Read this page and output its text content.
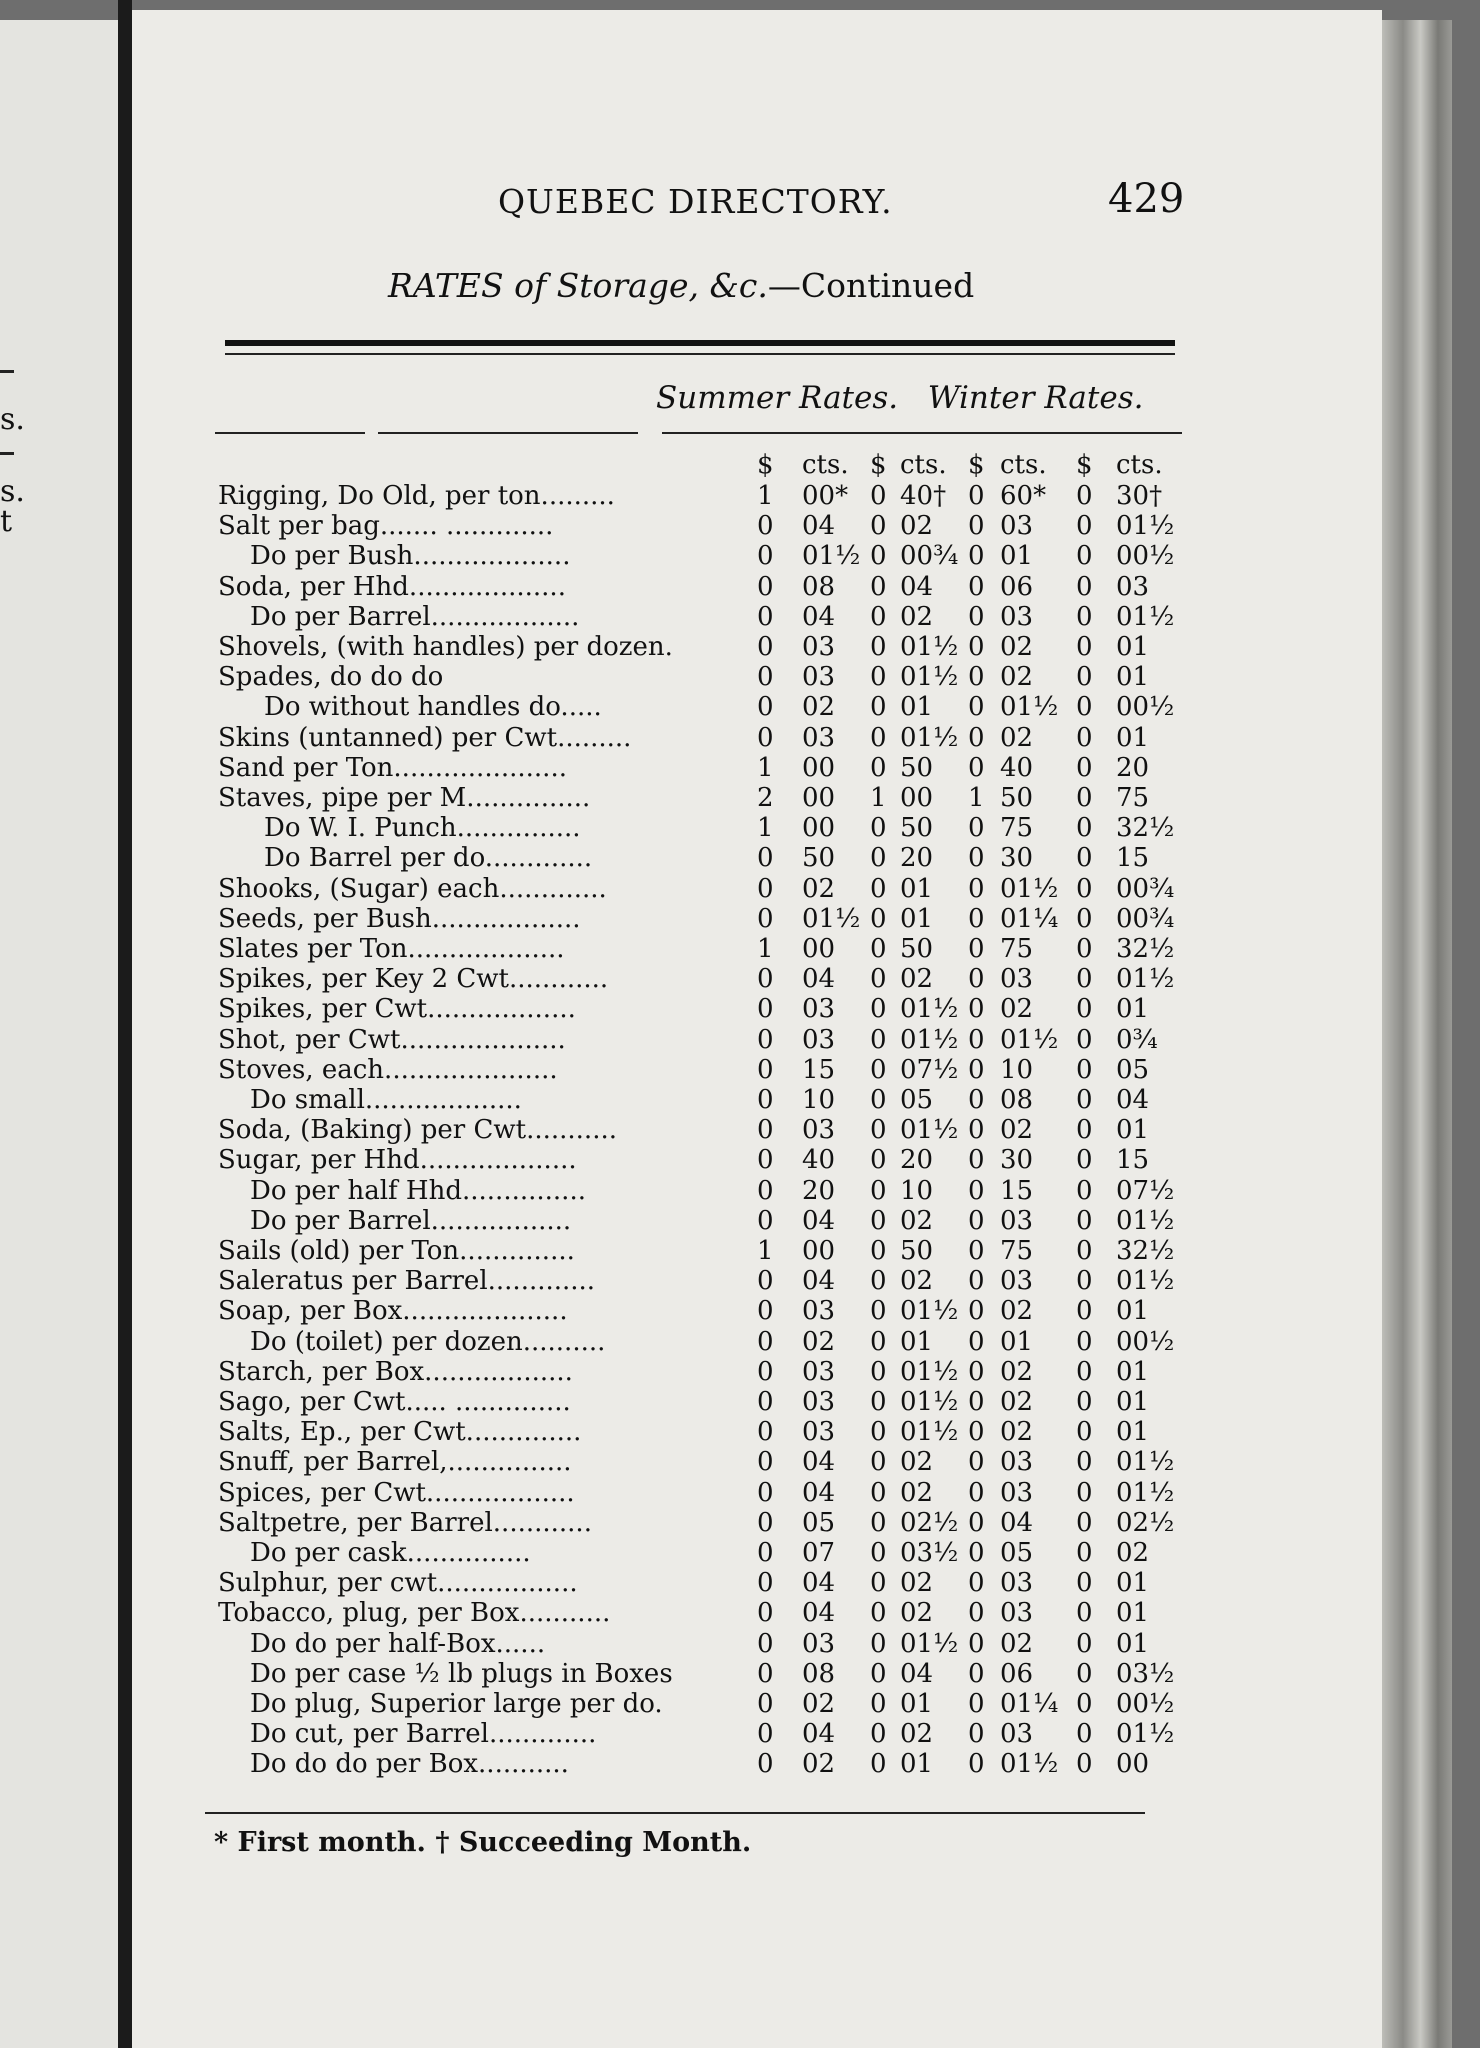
s.
s.
t
QUEBEC DIRECTORY.	429
RATES of Storage, &c.—Continued
Summer Rates. Winter Rates.
$ cts. $ cts. $ cts. $ cts.
Rigging, Do Old, per ton.........	1 00* 0 40† 0 60* 0 30†
Salt per bag....... .............	0 04 0 02 0 03 0 01½
Do per Bush...................	0 01½ 0 00¾ 0 01 0 00½
Soda, per Hhd...................	0 08 0 04 0 06 0 03
Do per Barrel..................	0 04 0 02 0 03 0 01½
Shovels, (with handles) per dozen.	0 03 0 01½ 0 02 0 01
Spades, do do do	0 03 0 01½ 0 02 0 01
Do without handles do.....	0 02 0 01 0 01½ 0 00½
Skins (untanned) per Cwt.........	0 03 0 01½ 0 02 0 01
Sand per Ton.....................	1 00 0 50 0 40 0 20
Staves, pipe per M...............	2 00 1 00 1 50 0 75
Do W. I. Punch...............	1 00 0 50 0 75 0 32½
Do Barrel per do.............	0 50 0 20 0 30 0 15
Shooks, (Sugar) each.............	0 02 0 01 0 01½ 0 00¾
Seeds, per Bush..................	0 01½ 0 01 0 01¼ 0 00¾
Slates per Ton...................	1 00 0 50 0 75 0 32½
Spikes, per Key 2 Cwt............	0 04 0 02 0 03 0 01½
Spikes, per Cwt..................	0 03 0 01½ 0 02 0 01
Shot, per Cwt....................	0 03 0 01½ 0 01½ 0 0¾
Stoves, each.....................	0 15 0 07½ 0 10 0 05
Do small...................	0 10 0 05 0 08 0 04
Soda, (Baking) per Cwt...........	0 03 0 01½ 0 02 0 01
Sugar, per Hhd...................	0 40 0 20 0 30 0 15
Do per half Hhd...............	0 20 0 10 0 15 0 07½
Do per Barrel.................	0 04 0 02 0 03 0 01½
Sails (old) per Ton..............	1 00 0 50 0 75 0 32½
Saleratus per Barrel.............	0 04 0 02 0 03 0 01½
Soap, per Box....................	0 03 0 01½ 0 02 0 01
Do (toilet) per dozen..........	0 02 0 01 0 01 0 00½
Starch, per Box..................	0 03 0 01½ 0 02 0 01
Sago, per Cwt..... ..............	0 03 0 01½ 0 02 0 01
Salts, Ep., per Cwt..............	0 03 0 01½ 0 02 0 01
Snuff, per Barrel,...............	0 04 0 02 0 03 0 01½
Spices, per Cwt..................	0 04 0 02 0 03 0 01½
Saltpetre, per Barrel............	0 05 0 02½ 0 04 0 02½
Do per cask...............	0 07 0 03½ 0 05 0 02
Sulphur, per cwt.................	0 04 0 02 0 03 0 01
Tobacco, plug, per Box...........	0 04 0 02 0 03 0 01
Do do per half-Box......	0 03 0 01½ 0 02 0 01
Do per case ½ lb plugs in Boxes	0 08 0 04 0 06 0 03½
Do plug, Superior large per do.	0 02 0 01 0 01¼ 0 00½
Do cut, per Barrel.............	0 04 0 02 0 03 0 01½
Do do do per Box...........	0 02 0 01 0 01½ 0 00
* First month. † Succeeding Month.
